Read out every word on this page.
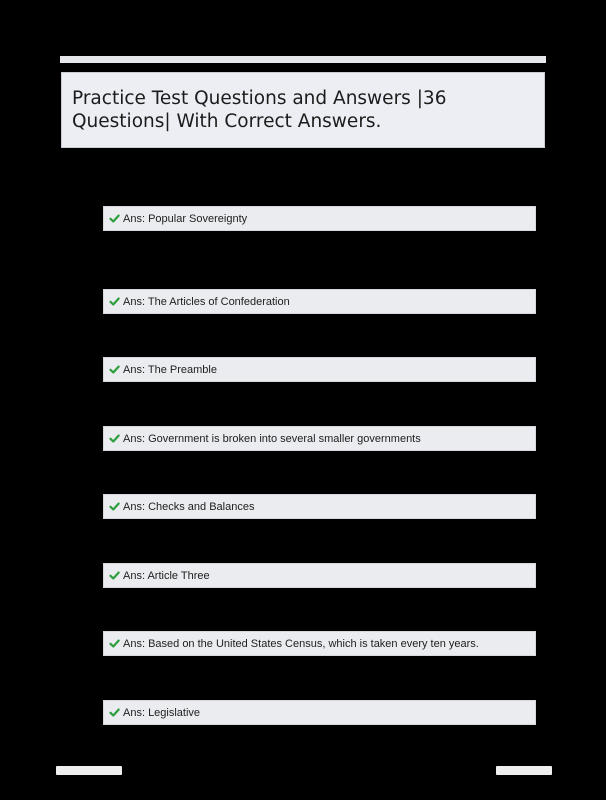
Practice Test Questions and Answers |36 Questions| With Correct Answers.
Ans: Popular Sovereignty
Ans: The Articles of Confederation
Ans: The Preamble
Ans: Government is broken into several smaller governments
Ans: Checks and Balances
Ans: Article Three
Ans: Based on the United States Census, which is taken every ten years.
Ans: Legislative
